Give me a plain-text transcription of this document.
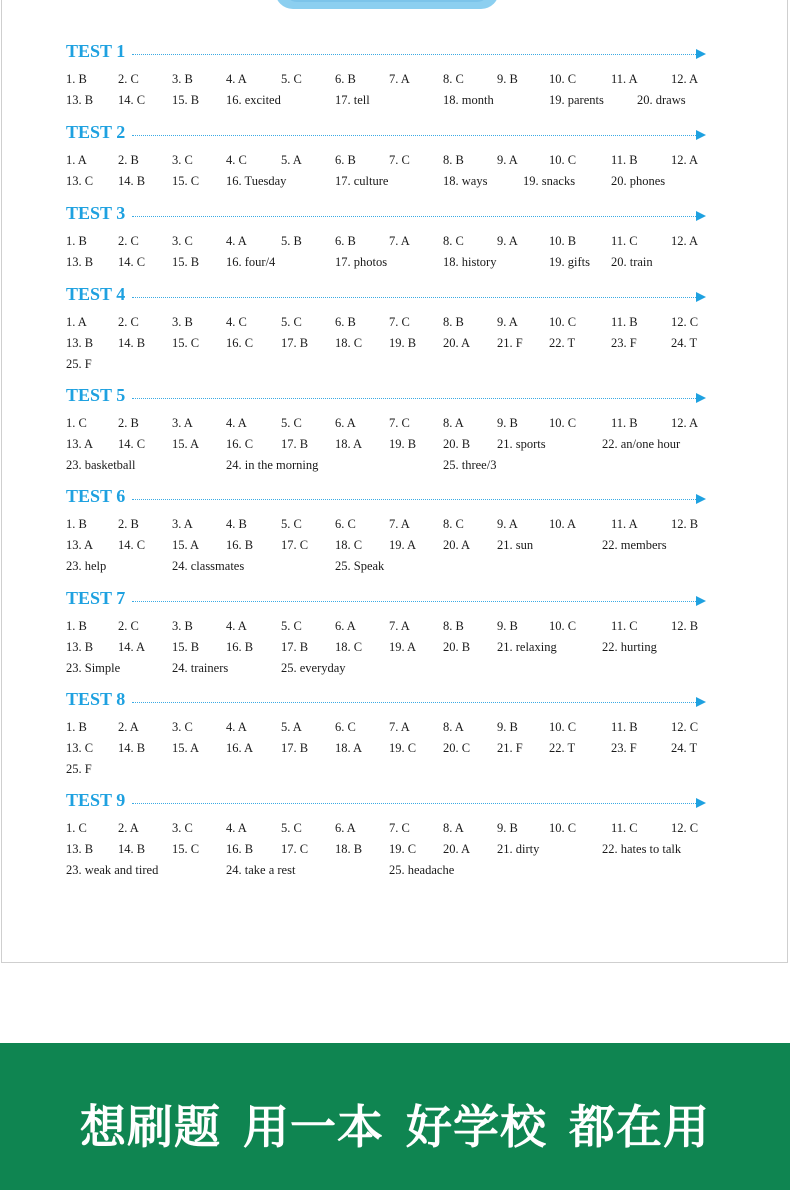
TEST 1
1. B 2. C	3. B	4. A	5. C	6. B	7. A	8. C	9. B 10. C	11. A	12. A
13. B 14. C 15. B 16. excited	17. tell	18. month	19. parents	20. draws
TEST 2
1. A 2. B	3. C	4. C	5. A	6. B	7. C	8. B	9. A 10. C	11. B	12. A
13. C 14. B 15. C 16. Tuesday	17. culture	18. ways	19. snacks	20. phones
TEST 3
1. B 2. C	3. C	4. A	5. B	6. B	7. A	8. C	9. A 10. B	11. C	12. A
13. B 14. C 15. B 16. four/4	17. photos	18. history	19. gifts 20. train
TEST 4
1. A 2. C	3. B	4. C	5. C	6. B	7. C	8. B	9. A 10. C	11. B	12. C
13. B 14. B 15. C 16. C 17. B 18. C 19. B 20. A 21. F 22. T	23. F	24. T
25. F
TEST 5
1. C 2. B	3. A	4. A	5. C	6. A	7. C	8. A	9. B 10. C	11. B	12. A
13. A 14. C 15. A 16. C 17. B 18. A 19. B 20. B 21. sports	22. an/one hour
23. basketball	24. in the morning	25. three/3
TEST 6
1. B 2. B	3. A	4. B	5. C	6. C	7. A	8. C	9. A 10. A	11. A	12. B
13. A 14. C 15. A 16. B 17. C 18. C 19. A 20. A 21. sun	22. members
23. help	24. classmates	25. Speak
TEST 7
1. B 2. C	3. B	4. A	5. C	6. A	7. A	8. B	9. B 10. C	11. C	12. B
13. B 14. A 15. B 16. B 17. B 18. C 19. A 20. B 21. relaxing	22. hurting
23. Simple	24. trainers	25. everyday
TEST 8
1. B 2. A	3. C	4. A	5. A	6. C	7. A	8. A	9. B 10. C	11. B	12. C
13. C 14. B 15. A 16. A 17. B 18. A 19. C 20. C 21. F 22. T	23. F	24. T
25. F
TEST 9
1. C 2. A	3. C	4. A	5. C	6. A	7. C	8. A	9. B 10. C	11. C	12. C
13. B 14. B 15. C 16. B 17. C 18. B 19. C 20. A 21. dirty	22. hates to talk
23. weak and tired	24. take a rest	25. headache
想刷题 用一本 好学校 都在用
